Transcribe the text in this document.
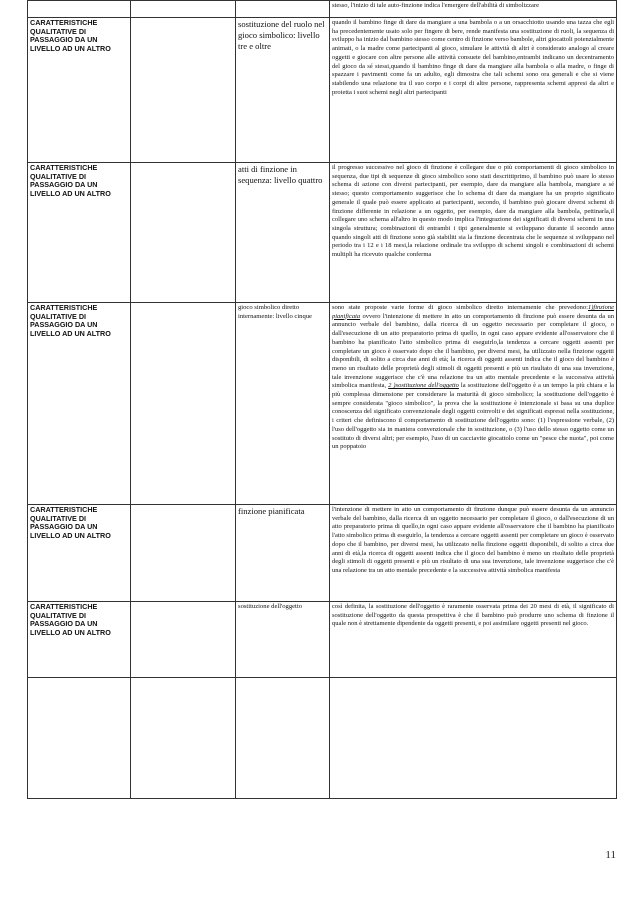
			stesso, l'inizio di tale auto-finzione indica l'emergere dell'abilità di simbolizzare

CARATTERISTICHE QUALITATIVE DI PASSAGGIO DA UN LIVELLO AD UN ALTRO		sostituzione del ruolo nel gioco simbolico: livello tre e oltre	quando il bambino finge di dare da mangiare a una bambola o a un orsacchiotto usando una tazza che egli ha precedentemente usato solo per fingere di bere, rende manifesta una sostituzione di ruoli, la sequenza di sviluppo ha inizio dal bambino stesso come centro di finzione verso bambole, altri giocattoli potenzialmente animati, o la madre come partecipanti al gioco, simulare le attività di altri è considerato analogo al creare oggetti e giocare con altre persone alle attività consuete del bambino,entrambi indicano un decentramento del gioco da sé stessi,quando il bambino finge di dare da mangiare alla bambola o alla madre, o finge di spazzare i pavimenti come fa un adulto, egli dimostra che tali schemi sono ora generali e che si viene stabilendo una relazione tra il suo corpo e i corpi di altre persone, rappresenta schemi appresi da altri e proietta i suoi schemi negli altri partecipanti

CARATTERISTICHE QUALITATIVE DI PASSAGGIO DA UN LIVELLO AD UN ALTRO		atti di finzione in sequenza: livello quattro	il progresso successivo nel gioco di finzione è collegare due o più comportamenti di gioco simbolico in sequenza, due tipi di sequenze di gioco simbolico sono stati descrittiprimo, il bambino può usare lo stesso schema di azione con diversi partecipanti, per esempio, dare da mangiare alla bambola, mangiare a sé stesso; questo comportamento suggerisce che lo schema di dare da mangiare ha un proprio significato generale il quale può essere applicato ai partecipanti, secondo, il bambino può giocare diversi schemi di finzione differente in relazione a un oggetto, per esempio, dare da mangiare alla bambola, pettinarla,il collegare uno schema all'altro in questo modo implica l'integrazione dei significati di diversi schemi in una singola struttura; combinazioni di entrambi i tipi generalmente si sviluppano durante il secondo anno quando singoli atti di finzione sono già stabiliti sia la finzione decentrata che le sequenze si sviluppano nel periodo tra i 12 e i 18 mesi,la relazione ordinale tra sviluppo di schemi singoli e combinazioni di schemi multipli ha ricevuto qualche conferma

CARATTERISTICHE QUALITATIVE DI PASSAGGIO DA UN LIVELLO AD UN ALTRO		gioco simbolico diretto internamente: livello cinque	sono state proposte varie forme di gioco simbolico diretto internamente che prevedono:1)finzione pianificata ovvero l'intenzione di mettere in atto un comportamento di finzione può essere desunta da un annuncio verbale del bambino, dalla ricerca di un oggetto necessario per completare il gioco, o dall'esecuzione di un atto preparatorio prima di quello, in ogni caso appare evidente all'osservatore che il bambino ha pianificato l'atto simbolico prima di eseguirlo,la tendenza a cercare oggetti assenti per completare un gioco è osservato dopo che il bambino, per diversi mesi, ha utilizzato nella finzione oggetti disponibili, di solito a circa due anni di età; la ricerca di oggetti assenti indica che il gioco del bambino è meno un risultato delle proprietà degli stimoli di oggetti presenti e più un risultato di una sua invenzione, tale invenzione suggerisce che c'è una relazione tra un atto mentale precedente e la successiva attività simbolica manifesta, 2 )sostituzione dell'oggetto la sostituzione dell'oggetto è a un tempo la più chiara e la più complessa dimensione per considerare la maturità di gioco simbolico; la sostituzione dell'oggetto è sempre considerata "gioco simbolico", la prova che la sostituzione è intenzionale si basa su una duplice conoscenza del significato convenzionale degli oggetti coinvolti e dei significati espressi nella sostituzione, i criteri che definiscono il comportamento di sostituzione dell'oggetto sono: (1) l'espressione verbale, (2) l'uso dell'oggetto sia in maniera convenzionale che in sostituzione, o (3) l'uso dello stesso oggetto come un sostituto di diversi altri; per esempio, l'uso di un cacciavite giocattolo come un "pesce che nuota", poi come un poppatoio

CARATTERISTICHE QUALITATIVE DI PASSAGGIO DA UN LIVELLO AD UN ALTRO		finzione pianificata	l'intenzione di mettere in atto un comportamento di finzione dunque può essere desunta da un annuncio verbale del bambino, dalla ricerca di un oggetto necessario per completare il gioco, o dall'esecuzione di un atto preparatorio prima di quello,in ogni caso appare evidente all'osservatore che il bambino ha pianificato l'atto simbolico prima di eseguirlo, la tendenza a cercare oggetti assenti per completare un gioco è osservato dopo che il bambino, per diversi mesi, ha utilizzato nella finzione oggetti disponibili, di solito a circa due anni di età,la ricerca di oggetti assenti indica che il gioco del bambino è meno un risultato delle proprietà degli stimoli di oggetti presenti e più un risultato di una sua invenzione, tale invenzione suggerisce che c'è una relazione tra un atto mentale precedente e la successiva attività simbolica manifesta

CARATTERISTICHE QUALITATIVE DI PASSAGGIO DA UN LIVELLO AD UN ALTRO		sostituzione dell'oggetto	così definita, la sostituzione dell'oggetto è raramente osservata prima dei 20 mesi di età, il significato di sostituzione dell'oggetto da questa prospettiva è che il bambino può produrre uno schema di finzione il quale non è strettamente dipendente da oggetti presenti, e poi assimilare oggetti presenti nel gioco.

11
